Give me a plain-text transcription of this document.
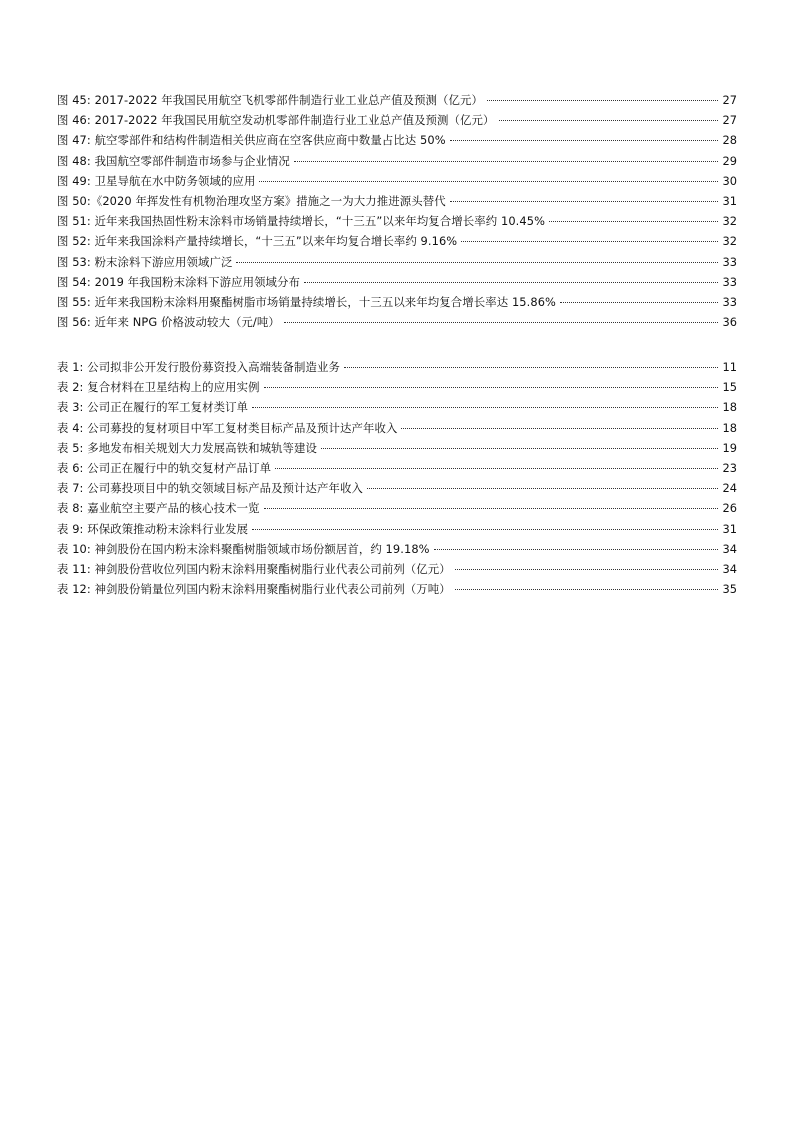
图 45: 2017-2022 年我国民用航空飞机零部件制造行业工业总产值及预测（亿元）	27
图 46: 2017-2022 年我国民用航空发动机零部件制造行业工业总产值及预测（亿元）	27
图 47: 航空零部件和结构件制造相关供应商在空客供应商中数量占比达 50%	28
图 48: 我国航空零部件制造市场参与企业情况	29
图 49: 卫星导航在水中防务领域的应用	30
图 50:《2020 年挥发性有机物治理攻坚方案》措施之一为大力推进源头替代	31
图 51: 近年来我国热固性粉末涂料市场销量持续增长，“十三五”以来年均复合增长率约 10.45%	32
图 52: 近年来我国涂料产量持续增长，“十三五”以来年均复合增长率约 9.16%	32
图 53: 粉末涂料下游应用领域广泛	33
图 54: 2019 年我国粉末涂料下游应用领域分布	33
图 55: 近年来我国粉末涂料用聚酯树脂市场销量持续增长，十三五以来年均复合增长率达 15.86%	33
图 56: 近年来 NPG 价格波动较大（元/吨）	36
表 1: 公司拟非公开发行股份募资投入高端装备制造业务	11
表 2: 复合材料在卫星结构上的应用实例	15
表 3: 公司正在履行的军工复材类订单	18
表 4: 公司募投的复材项目中军工复材类目标产品及预计达产年收入	18
表 5: 多地发布相关规划大力发展高铁和城轨等建设	19
表 6: 公司正在履行中的轨交复材产品订单	23
表 7: 公司募投项目中的轨交领域目标产品及预计达产年收入	24
表 8: 嘉业航空主要产品的核心技术一览	26
表 9: 环保政策推动粉末涂料行业发展	31
表 10: 神剑股份在国内粉末涂料聚酯树脂领域市场份额居首，约 19.18%	34
表 11: 神剑股份营收位列国内粉末涂料用聚酯树脂行业代表公司前列（亿元）	34
表 12: 神剑股份销量位列国内粉末涂料用聚酯树脂行业代表公司前列（万吨）	35
